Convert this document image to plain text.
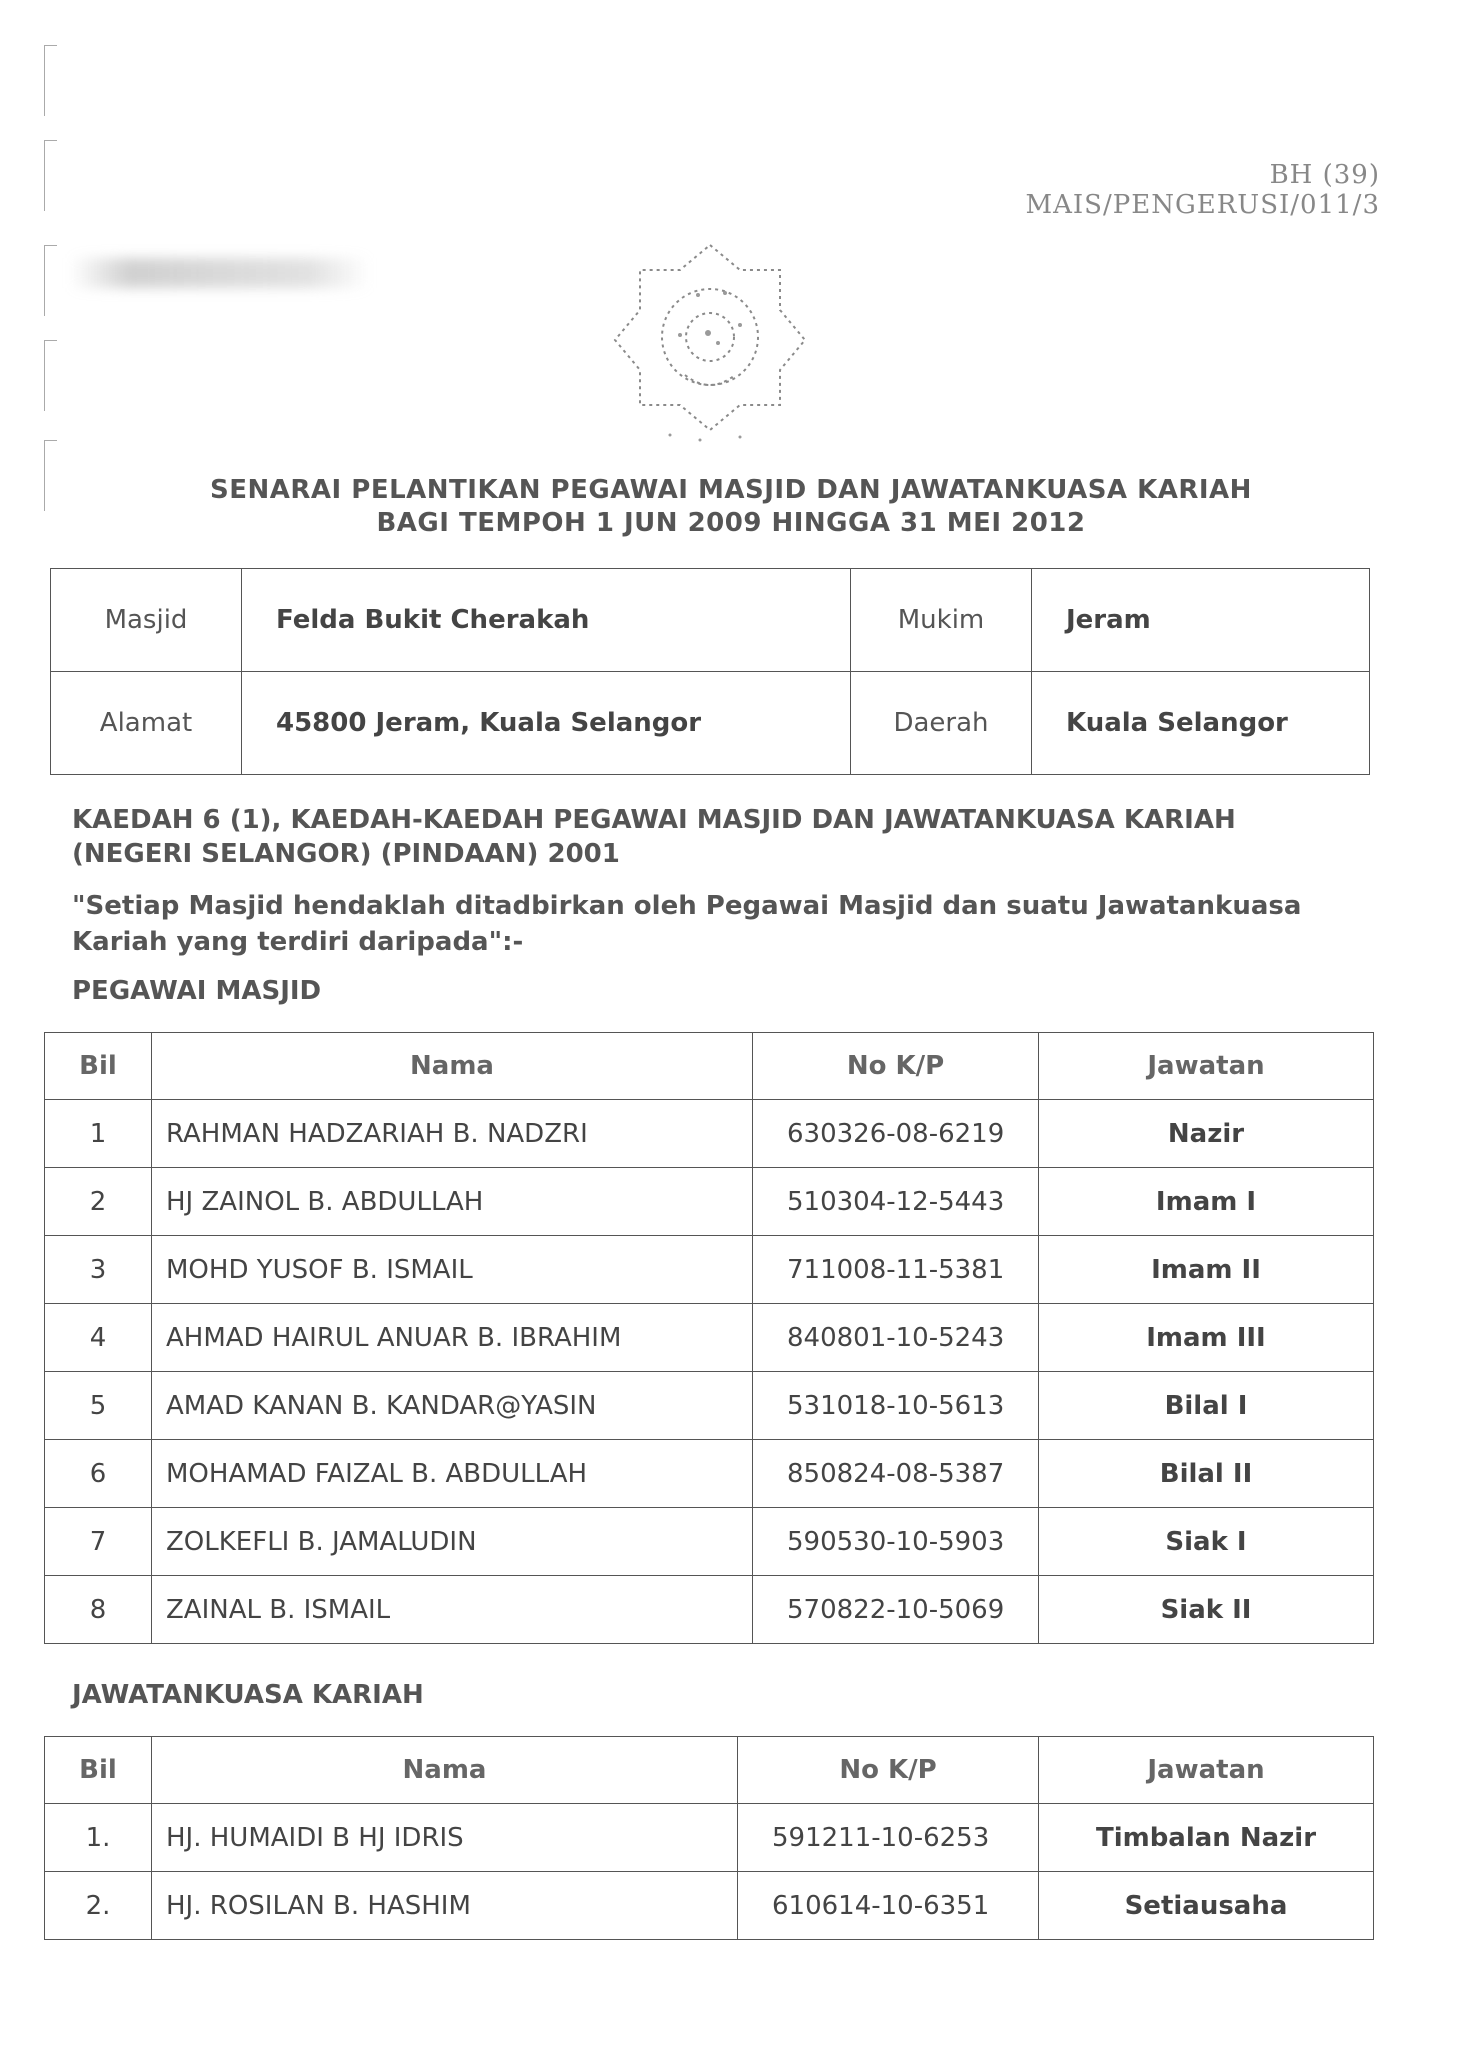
BH (39) MAIS/PENGERUSI/011/3
SENARAI PELANTIKAN PEGAWAI MASJID DAN JAWATANKUASA KARIAH
BAGI TEMPOH 1 JUN 2009 HINGGA 31 MEI 2012
Masjid	Felda Bukit Cherakah	Mukim	Jeram
Alamat	45800 Jeram, Kuala Selangor	Daerah	Kuala Selangor
KAEDAH 6 (1), KAEDAH-KAEDAH PEGAWAI MASJID DAN JAWATANKUASA KARIAH
(NEGERI SELANGOR) (PINDAAN) 2001
"Setiap Masjid hendaklah ditadbirkan oleh Pegawai Masjid dan suatu Jawatankuasa
Kariah yang terdiri daripada":-
PEGAWAI MASJID
Bil	Nama	No K/P	Jawatan
1	RAHMAN HADZARIAH B. NADZRI	630326-08-6219	Nazir
2	HJ ZAINOL B. ABDULLAH	510304-12-5443	Imam I
3	MOHD YUSOF B. ISMAIL	711008-11-5381	Imam II
4	AHMAD HAIRUL ANUAR B. IBRAHIM	840801-10-5243	Imam III
5	AMAD KANAN B. KANDAR@YASIN	531018-10-5613	Bilal I
6	MOHAMAD FAIZAL B. ABDULLAH	850824-08-5387	Bilal II
7	ZOLKEFLI B. JAMALUDIN	590530-10-5903	Siak I
8	ZAINAL B. ISMAIL	570822-10-5069	Siak II
JAWATANKUASA KARIAH
Bil	Nama	No K/P	Jawatan
1.	HJ. HUMAIDI B HJ IDRIS	591211-10-6253	Timbalan Nazir
2.	HJ. ROSILAN B. HASHIM	610614-10-6351	Setiausaha
